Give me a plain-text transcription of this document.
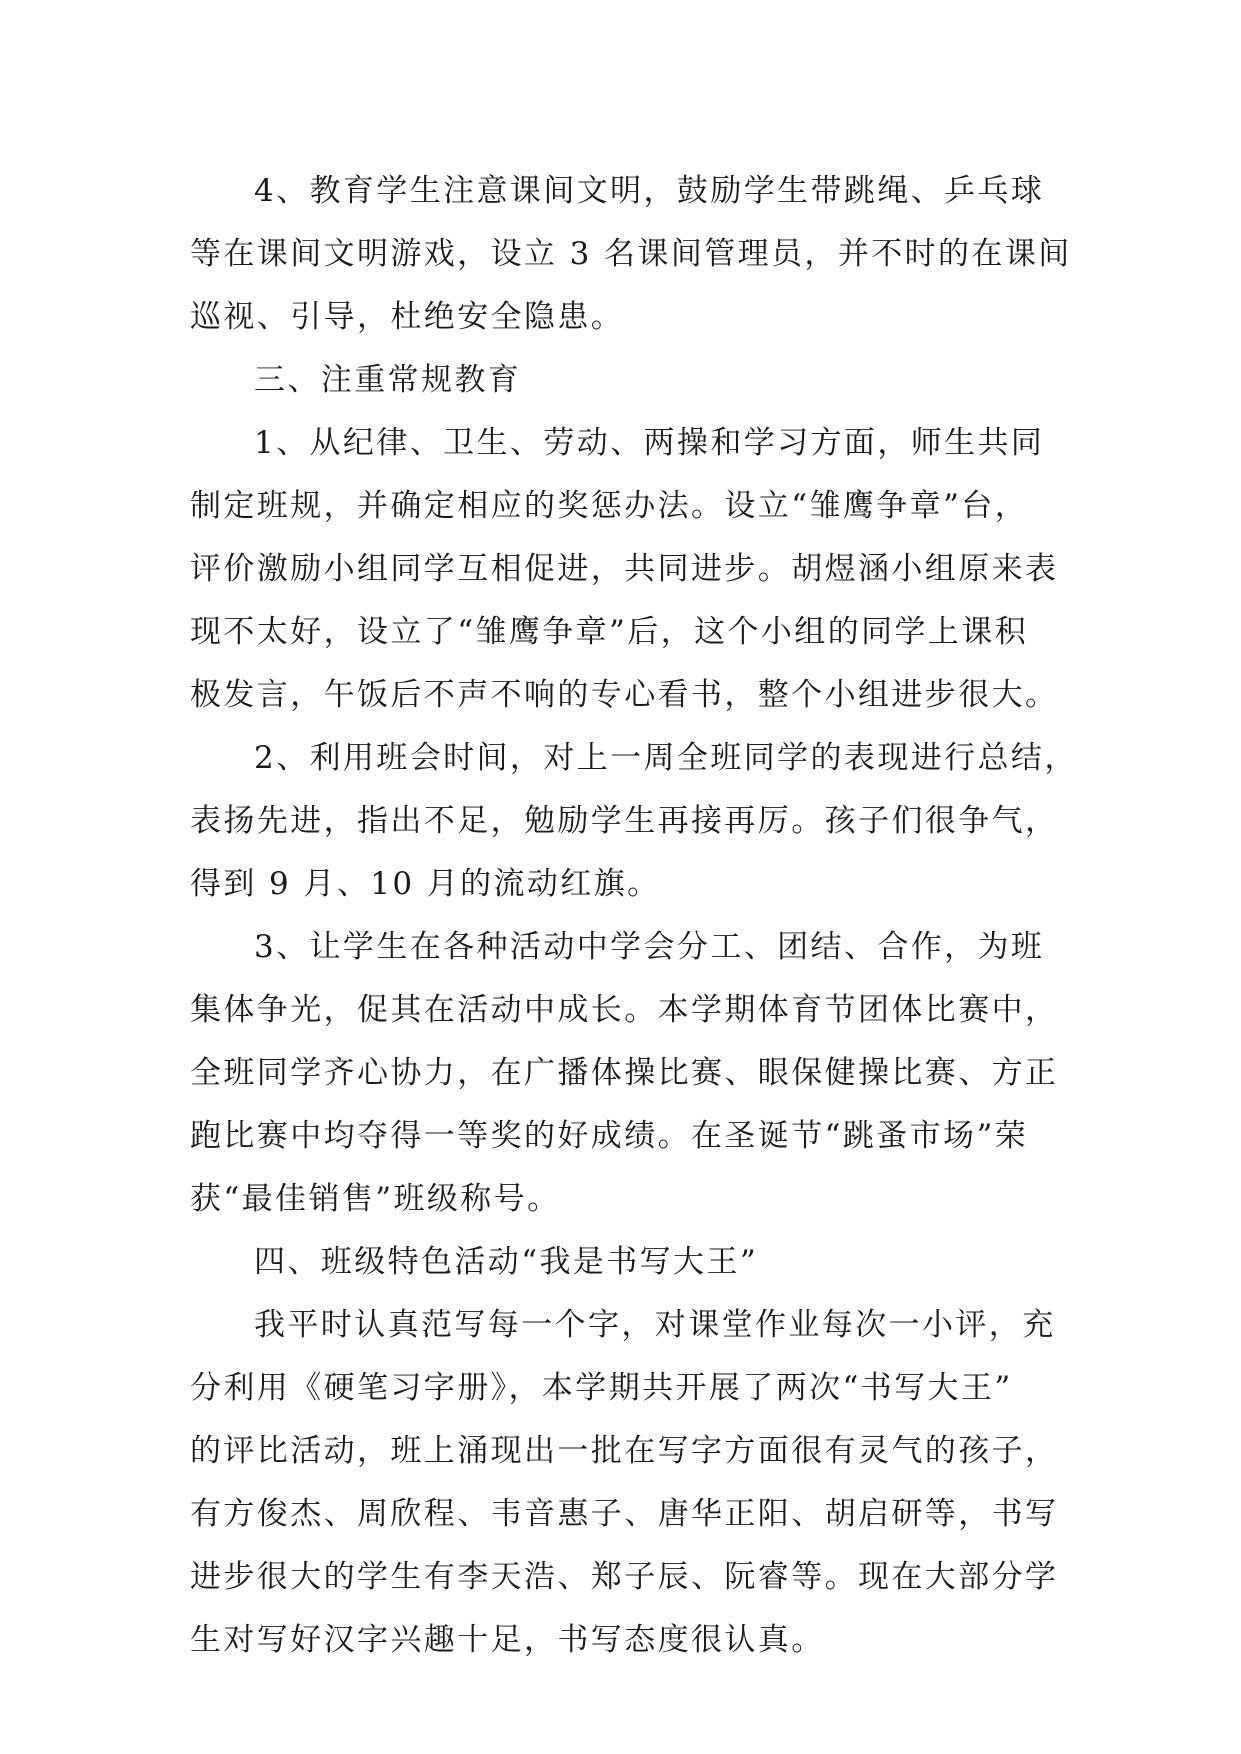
4、教育学生注意课间文明，鼓励学生带跳绳、乒乓球
等在课间文明游戏，设立 3 名课间管理员，并不时的在课间
巡视、引导，杜绝安全隐患。
三、注重常规教育
1、从纪律、卫生、劳动、两操和学习方面，师生共同
制定班规，并确定相应的奖惩办法。设立“雏鹰争章”台，
评价激励小组同学互相促进，共同进步。胡煜涵小组原来表
现不太好，设立了“雏鹰争章”后，这个小组的同学上课积
极发言，午饭后不声不响的专心看书，整个小组进步很大。
2、利用班会时间，对上一周全班同学的表现进行总结，
表扬先进，指出不足，勉励学生再接再厉。孩子们很争气，
得到 9 月、10 月的流动红旗。
3、让学生在各种活动中学会分工、团结、合作，为班
集体争光，促其在活动中成长。本学期体育节团体比赛中，
全班同学齐心协力，在广播体操比赛、眼保健操比赛、方正
跑比赛中均夺得一等奖的好成绩。在圣诞节“跳蚤市场”荣
获“最佳销售”班级称号。
四、班级特色活动“我是书写大王”
我平时认真范写每一个字，对课堂作业每次一小评，充
分利用《硬笔习字册》，本学期共开展了两次“书写大王”
的评比活动，班上涌现出一批在写字方面很有灵气的孩子，
有方俊杰、周欣程、韦音惠子、唐华正阳、胡启研等，书写
进步很大的学生有李天浩、郑子辰、阮睿等。现在大部分学
生对写好汉字兴趣十足，书写态度很认真。
